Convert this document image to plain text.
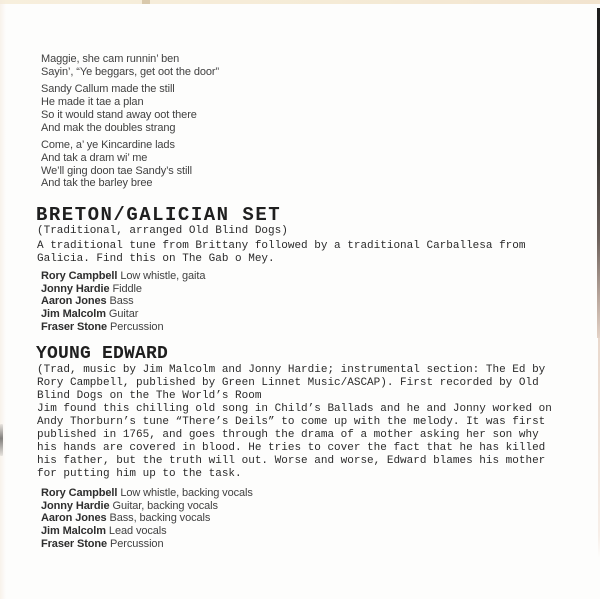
Maggie, she cam runnin’ ben
Sayin’, “Ye beggars, get oot the door”
Sandy Callum made the still
He made it tae a plan
So it would stand away oot there
And mak the doubles strang
Come, a’ ye Kincardine lads
And tak a dram wi’ me
We’ll ging doon tae Sandy’s still
And tak the barley bree
BRETON/GALICIAN SET
(Traditional, arranged Old Blind Dogs)
A traditional tune from Brittany followed by a traditional Carballesa from
Galicia. Find this on The Gab o Mey.
Rory Campbell Low whistle, gaita
Jonny Hardie Fiddle
Aaron Jones Bass
Jim Malcolm Guitar
Fraser Stone Percussion
YOUNG EDWARD
(Trad, music by Jim Malcolm and Jonny Hardie; instrumental section: The Ed by
Rory Campbell, published by Green Linnet Music/ASCAP). First recorded by Old
Blind Dogs on the The World’s Room
Jim found this chilling old song in Child’s Ballads and he and Jonny worked on
Andy Thorburn’s tune “There’s Deils” to come up with the melody. It was first
published in 1765, and goes through the drama of a mother asking her son why
his hands are covered in blood. He tries to cover the fact that he has killed
his father, but the truth will out. Worse and worse, Edward blames his mother
for putting him up to the task.
Rory Campbell Low whistle, backing vocals
Jonny Hardie Guitar, backing vocals
Aaron Jones Bass, backing vocals
Jim Malcolm Lead vocals
Fraser Stone Percussion
